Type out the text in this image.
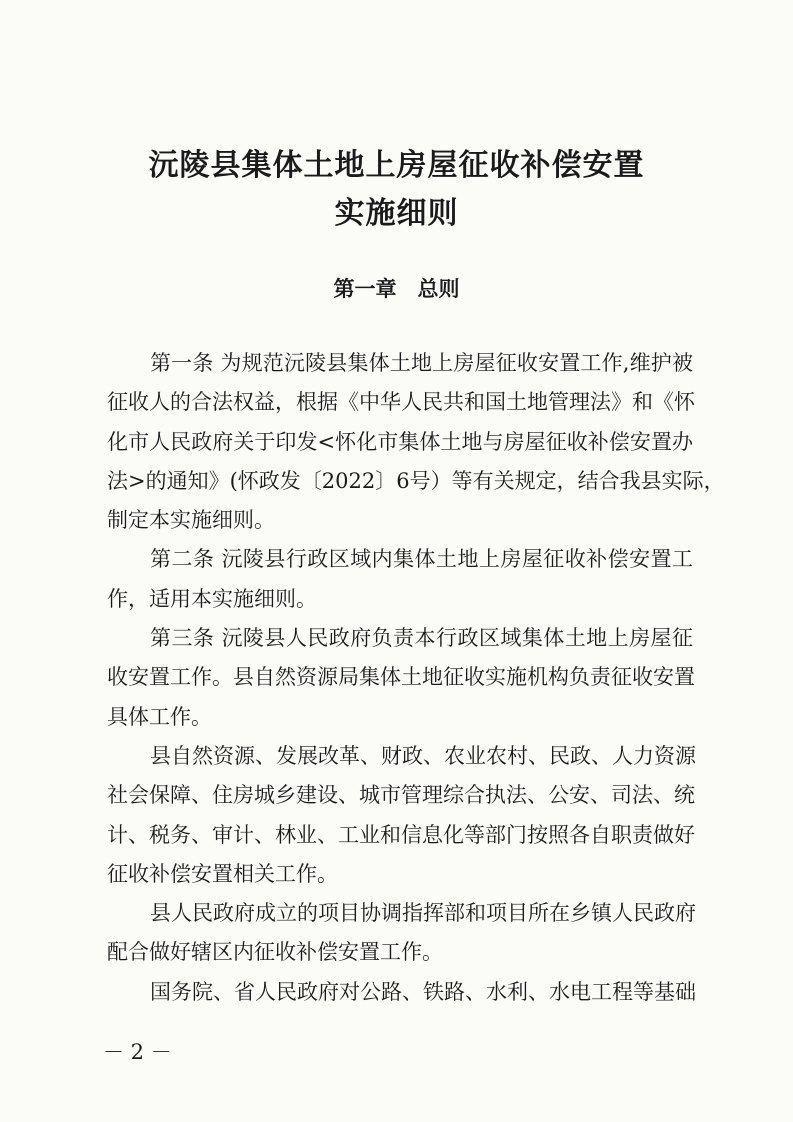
沅陵县集体土地上房屋征收补偿安置
实施细则
第一章　总则
第一条 为规范沅陵县集体土地上房屋征收安置工作,维护被
征收人的合法权益，根据《中华人民共和国土地管理法》和《怀
化市人民政府关于印发<怀化市集体土地与房屋征收补偿安置办
法>的通知》(怀政发〔2022〕6号）等有关规定，结合我县实际，
制定本实施细则。
第二条 沅陵县行政区域内集体土地上房屋征收补偿安置工
作，适用本实施细则。
第三条 沅陵县人民政府负责本行政区域集体土地上房屋征
收安置工作。县自然资源局集体土地征收实施机构负责征收安置
具体工作。
县自然资源、发展改革、财政、农业农村、民政、人力资源
社会保障、住房城乡建设、城市管理综合执法、公安、司法、统
计、税务、审计、林业、工业和信息化等部门按照各自职责做好
征收补偿安置相关工作。
县人民政府成立的项目协调指挥部和项目所在乡镇人民政府
配合做好辖区内征收补偿安置工作。
国务院、省人民政府对公路、铁路、水利、水电工程等基础
－ 2 －
